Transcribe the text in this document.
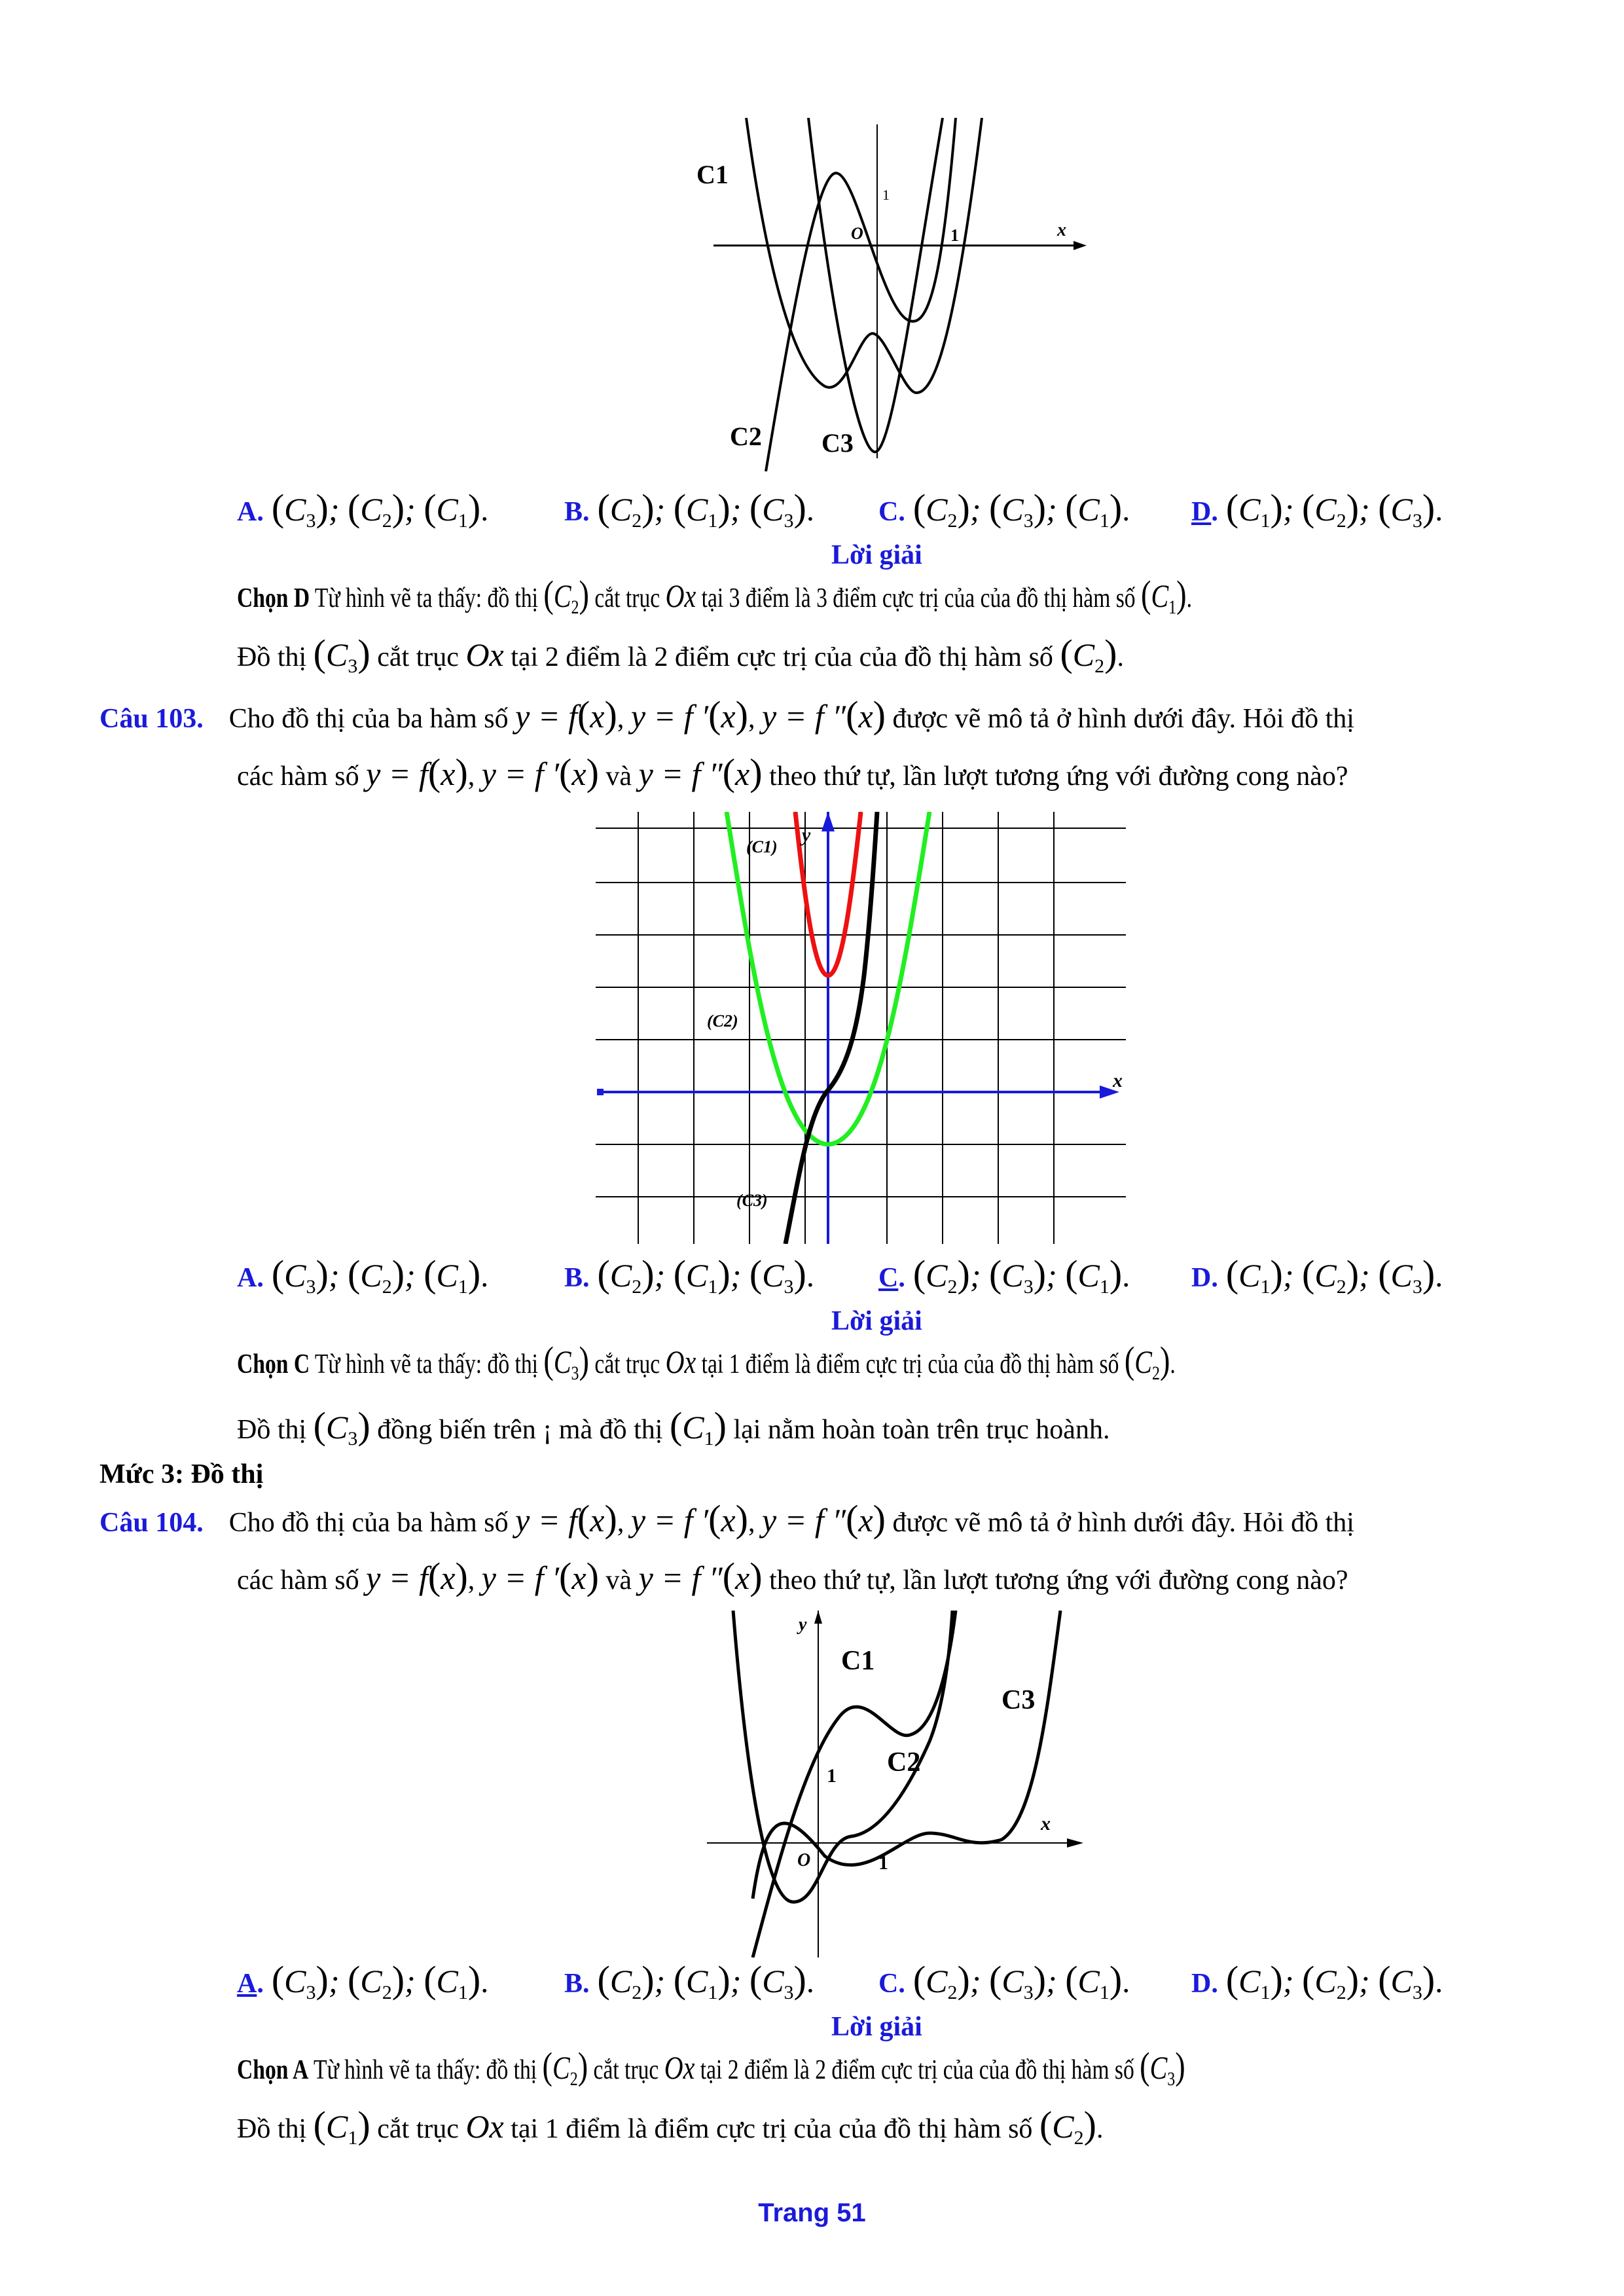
C1
C2 C3
O	x
1
1
A. $(C_3)$; $(C_2)$; $(C_1)$.	B. $(C_2)$; $(C_1)$; $(C_3)$. C. $(C_2)$; $(C_3)$; $(C_1)$. D. $(C_1)$; $(C_2)$; $(C_3)$.
Lời giải
Chọn D Từ hình vẽ ta thấy: đồ thị $(C_2)$ cắt trục Ox tại 3 điểm là 3 điểm cực trị của của đồ thị hàm số $(C_1)$.
Đồ thị $(C_3)$ cắt trục Ox tại 2 điểm là 2 điểm cực trị của của đồ thị hàm số $(C_2)$.
Câu 103. Cho đồ thị của ba hàm số y = f(x), y = f ′(x), y = f ″(x) được vẽ mô tả ở hình dưới đây. Hỏi đồ thị
các hàm số y = f(x), y = f ′(x) và y = f ″(x) theo thứ tự, lần lượt tương ứng với đường cong nào?
(C1)
y
(C2)
(C3)
x
A. $(C_3)$; $(C_2)$; $(C_1)$.	B. $(C_2)$; $(C_1)$; $(C_3)$. C. $(C_2)$; $(C_3)$; $(C_1)$. D. $(C_1)$; $(C_2)$; $(C_3)$.
Lời giải
Chọn C Từ hình vẽ ta thấy: đồ thị $(C_3)$ cắt trục Ox tại 1 điểm là điểm cực trị của của đồ thị hàm số $(C_2)$.
Đồ thị $(C_3)$ đồng biến trên ¡ mà đồ thị $(C_1)$ lại nằm hoàn toàn trên trục hoành.
Mức 3: Đồ thị
Câu 104. Cho đồ thị của ba hàm số y = f(x), y = f ′(x), y = f ″(x) được vẽ mô tả ở hình dưới đây. Hỏi đồ thị
các hàm số y = f(x), y = f ′(x) và y = f ″(x) theo thứ tự, lần lượt tương ứng với đường cong nào?
y
C1
C3
C2
1
O	1
x
A. $(C_3)$; $(C_2)$; $(C_1)$.	B. $(C_2)$; $(C_1)$; $(C_3)$. C. $(C_2)$; $(C_3)$; $(C_1)$. D. $(C_1)$; $(C_2)$; $(C_3)$.
Lời giải
Chọn A Từ hình vẽ ta thấy: đồ thị $(C_2)$ cắt trục Ox tại 2 điểm là 2 điểm cực trị của của đồ thị hàm số $(C_3)$
Đồ thị $(C_1)$ cắt trục Ox tại 1 điểm là điểm cực trị của của đồ thị hàm số $(C_2)$.
Trang 51
